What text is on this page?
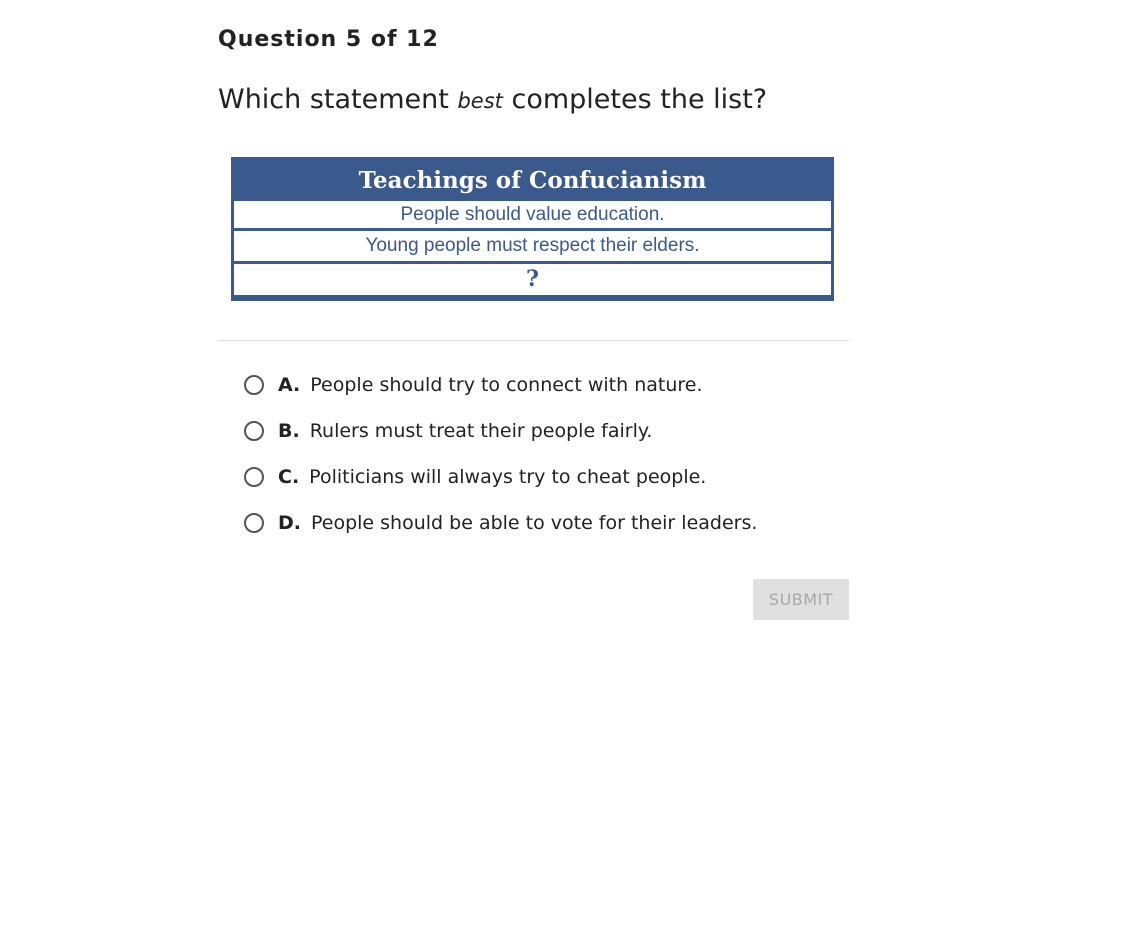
Question 5 of 12

Which statement best completes the list?

Teachings of Confucianism
People should value education.
Young people must respect their elders.
?
A. People should try to connect with nature.
B. Rulers must treat their people fairly.
C. Politicians will always try to cheat people.
D. People should be able to vote for their leaders.
SUBMIT
